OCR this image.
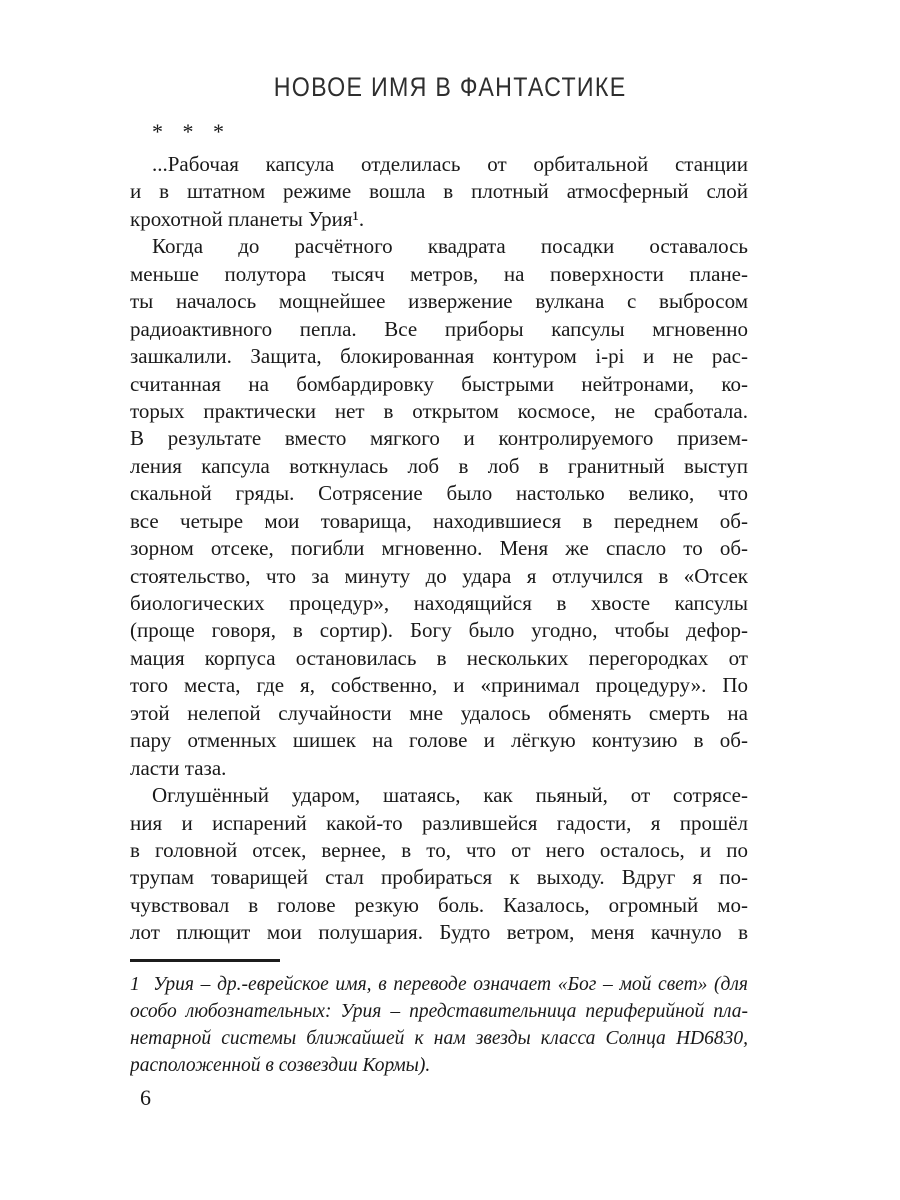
НОВОЕ ИМЯ В ФАНТАСТИКЕ
* * *
...Рабочая капсула отделилась от орбитальной станции
и в штатном режиме вошла в плотный атмосферный слой
крохотной планеты Урия¹.
Когда до расчётного квадрата посадки оставалось
меньше полутора тысяч метров, на поверхности плане-
ты началось мощнейшее извержение вулкана с выбросом
радиоактивного пепла. Все приборы капсулы мгновенно
зашкалили. Защита, блокированная контуром i-pi и не рас-
считанная на бомбардировку быстрыми нейтронами, ко-
торых практически нет в открытом космосе, не сработала.
В результате вместо мягкого и контролируемого призем-
ления капсула воткнулась лоб в лоб в гранитный выступ
скальной гряды. Сотрясение было настолько велико, что
все четыре мои товарища, находившиеся в переднем об-
зорном отсеке, погибли мгновенно. Меня же спасло то об-
стоятельство, что за минуту до удара я отлучился в «Отсек
биологических процедур», находящийся в хвосте капсулы
(проще говоря, в сортир). Богу было угодно, чтобы дефор-
мация корпуса остановилась в нескольких перегородках от
того места, где я, собственно, и «принимал процедуру». По
этой нелепой случайности мне удалось обменять смерть на
пару отменных шишек на голове и лёгкую контузию в об-
ласти таза.
Оглушённый ударом, шатаясь, как пьяный, от сотрясе-
ния и испарений какой-то разлившейся гадости, я прошёл
в головной отсек, вернее, в то, что от него осталось, и по
трупам товарищей стал пробираться к выходу. Вдруг я по-
чувствовал в голове резкую боль. Казалось, огромный мо-
лот плющит мои полушария. Будто ветром, меня качнуло в
1  Урия – др.-еврейское имя, в переводе означает «Бог – мой свет» (для
особо любознательных: Урия – представительница периферийной пла-
нетарной системы ближайшей к нам звезды класса Солнца HD6830,
расположенной в созвездии Кормы).
6
